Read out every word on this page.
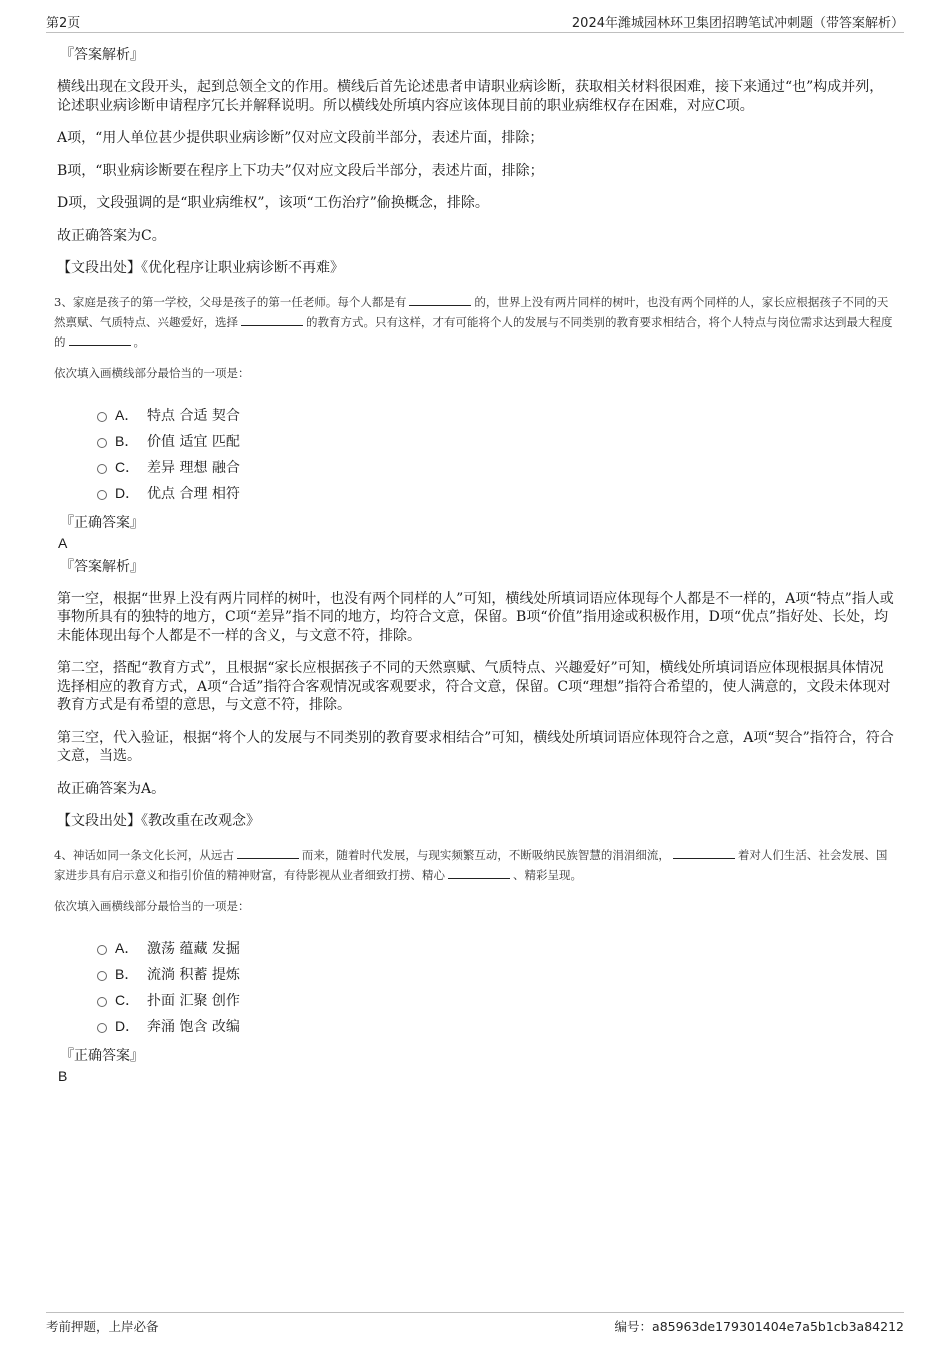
第2页	2024年潍城园林环卫集团招聘笔试冲刺题（带答案解析）
『答案解析』

横线出现在文段开头，起到总领全文的作用。横线后首先论述患者申请职业病诊断，获取相关材料很困难，接下来通过“也”构成并列，论述职业病诊断申请程序冗长并解释说明。所以横线处所填内容应该体现目前的职业病维权存在困难，对应C项。

A项，“用人单位甚少提供职业病诊断”仅对应文段前半部分，表述片面，排除；

B项，“职业病诊断要在程序上下功夫”仅对应文段后半部分，表述片面，排除；

D项，文段强调的是“职业病维权”，该项“工伤治疗”偷换概念，排除。

故正确答案为C。

【文段出处】《优化程序让职业病诊断不再难》

3、家庭是孩子的第一学校，父母是孩子的第一任老师。每个人都是有	的，世界上没有两片同样的树叶，也没有两个同样的人，家长应根据孩子不同的天然禀赋、气质特点、兴趣爱好，选择	的教育方式。只有这样，才有可能将个人的发展与不同类别的教育要求相结合，将个人特点与岗位需求达到最大程度的	。
依次填入画横线部分最恰当的一项是：
A． 特点 合适 契合
B． 价值 适宜 匹配
C． 差异 理想 融合
D． 优点 合理 相符
『正确答案』
A
『答案解析』

第一空，根据“世界上没有两片同样的树叶，也没有两个同样的人”可知，横线处所填词语应体现每个人都是不一样的，A项“特点”指人或事物所具有的独特的地方，C项“差异”指不同的地方，均符合文意，保留。B项“价值”指用途或积极作用，D项“优点”指好处、长处，均未能体现出每个人都是不一样的含义，与文意不符，排除。

第二空，搭配“教育方式”，且根据“家长应根据孩子不同的天然禀赋、气质特点、兴趣爱好”可知，横线处所填词语应体现根据具体情况选择相应的教育方式，A项“合适”指符合客观情况或客观要求，符合文意，保留。C项“理想”指符合希望的，使人满意的，文段未体现对教育方式是有希望的意思，与文意不符，排除。

第三空，代入验证，根据“将个人的发展与不同类别的教育要求相结合”可知，横线处所填词语应体现符合之意，A项“契合”指符合，符合文意，当选。

故正确答案为A。

【文段出处】《教改重在改观念》

4、神话如同一条文化长河，从远古	而来，随着时代发展，与现实频繁互动，不断吸纳民族智慧的涓涓细流，	着对人们生活、社会发展、国家进步具有启示意义和指引价值的精神财富，有待影视从业者细致打捞、精心	、精彩呈现。
依次填入画横线部分最恰当的一项是：
A． 激荡 蕴藏 发掘
B． 流淌 积蓄 提炼
C． 扑面 汇聚 创作
D． 奔涌 饱含 改编
『正确答案』
B
考前押题，上岸必备	编号：a85963de179301404e7a5b1cb3a84212
